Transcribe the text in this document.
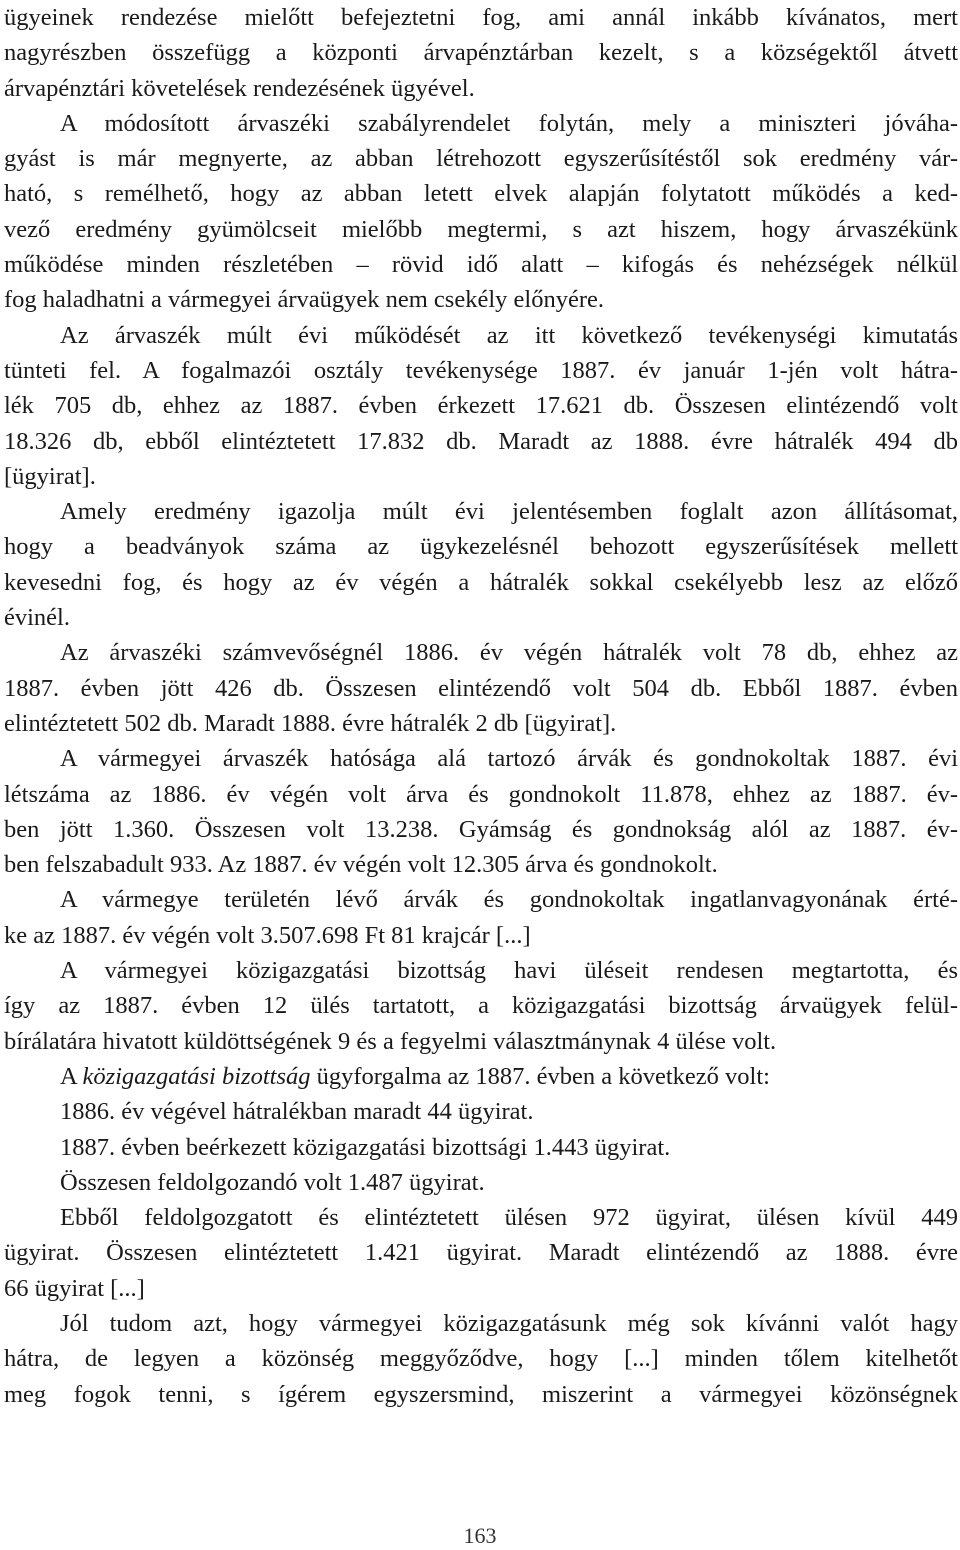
ügyeinek rendezése mielőtt befejeztetni fog, ami annál inkább kívánatos, mert
nagyrészben összefügg a központi árvapénztárban kezelt, s a községektől átvett
árvapénztári követelések rendezésének ügyével.
A módosított árvaszéki szabályrendelet folytán, mely a miniszteri jóváha-
gyást is már megnyerte, az abban létrehozott egyszerűsítéstől sok eredmény vár-
ható, s remélhető, hogy az abban letett elvek alapján folytatott működés a ked-
vező eredmény gyümölcseit mielőbb megtermi, s azt hiszem, hogy árvaszékünk
működése minden részletében – rövid idő alatt – kifogás és nehézségek nélkül
fog haladhatni a vármegyei árvaügyek nem csekély előnyére.
Az árvaszék múlt évi működését az itt következő tevékenységi kimutatás
tünteti fel. A fogalmazói osztály tevékenysége 1887. év január 1-jén volt hátra-
lék 705 db, ehhez az 1887. évben érkezett 17.621 db. Összesen elintézendő volt
18.326 db, ebből elintéztetett 17.832 db. Maradt az 1888. évre hátralék 494 db
[ügyirat].
Amely eredmény igazolja múlt évi jelentésemben foglalt azon állításomat,
hogy a beadványok száma az ügykezelésnél behozott egyszerűsítések mellett
kevesedni fog, és hogy az év végén a hátralék sokkal csekélyebb lesz az előző
évinél.
Az árvaszéki számvevőségnél 1886. év végén hátralék volt 78 db, ehhez az
1887. évben jött 426 db. Összesen elintézendő volt 504 db. Ebből 1887. évben
elintéztetett 502 db. Maradt 1888. évre hátralék 2 db [ügyirat].
A vármegyei árvaszék hatósága alá tartozó árvák és gondnokoltak 1887. évi
létszáma az 1886. év végén volt árva és gondnokolt 11.878, ehhez az 1887. év-
ben jött 1.360. Összesen volt 13.238. Gyámság és gondnokság alól az 1887. év-
ben felszabadult 933. Az 1887. év végén volt 12.305 árva és gondnokolt.
A vármegye területén lévő árvák és gondnokoltak ingatlanvagyonának érté-
ke az 1887. év végén volt 3.507.698 Ft 81 krajcár [...]
A vármegyei közigazgatási bizottság havi üléseit rendesen megtartotta, és
így az 1887. évben 12 ülés tartatott, a közigazgatási bizottság árvaügyek felül-
bírálatára hivatott küldöttségének 9 és a fegyelmi választmánynak 4 ülése volt.
A közigazgatási bizottság ügyforgalma az 1887. évben a következő volt:
1886. év végével hátralékban maradt 44 ügyirat.
1887. évben beérkezett közigazgatási bizottsági 1.443 ügyirat.
Összesen feldolgozandó volt 1.487 ügyirat.
Ebből feldolgozgatott és elintéztetett ülésen 972 ügyirat, ülésen kívül 449
ügyirat. Összesen elintéztetett 1.421 ügyirat. Maradt elintézendő az 1888. évre
66 ügyirat [...]
Jól tudom azt, hogy vármegyei közigazgatásunk még sok kívánni valót hagy
hátra, de legyen a közönség meggyőződve, hogy [...] minden tőlem kitelhetőt
meg fogok tenni, s ígérem egyszersmind, miszerint a vármegyei közönségnek
163
